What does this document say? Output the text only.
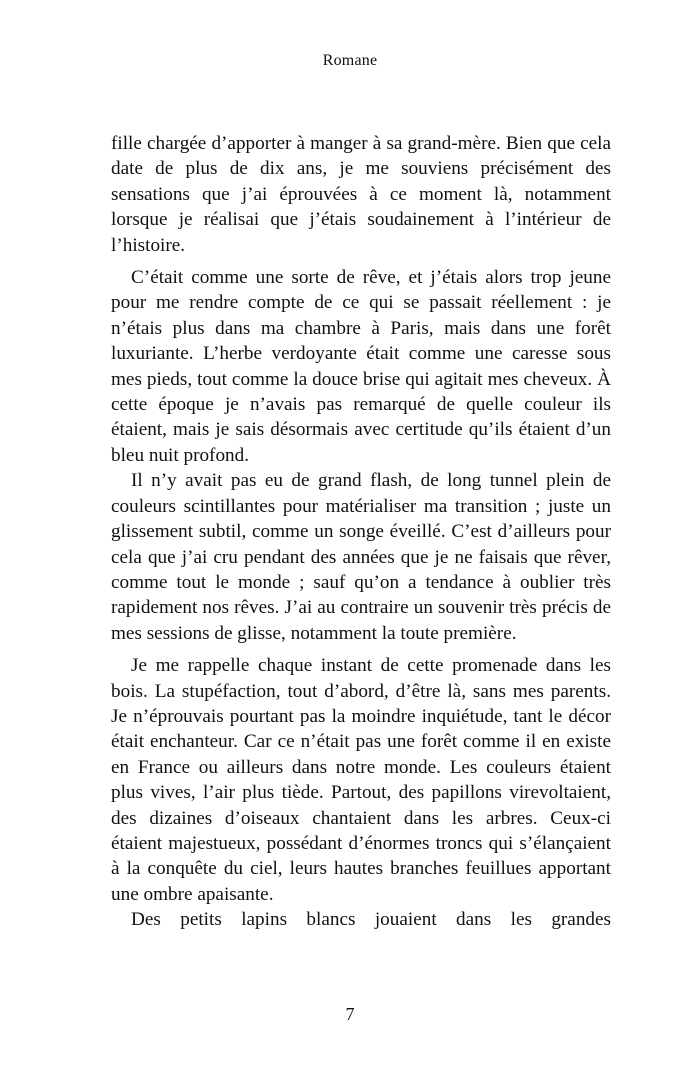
Romane

fille chargée d’apporter à manger à sa grand-mère. Bien que cela date de plus de dix ans, je me souviens précisément des sensations que j’ai éprouvées à ce moment là, notamment lorsque je réalisai que j’étais soudainement à l’intérieur de l’histoire.

C’était comme une sorte de rêve, et j’étais alors trop jeune pour me rendre compte de ce qui se passait réellement : je n’étais plus dans ma chambre à Paris, mais dans une forêt luxuriante. L’herbe verdoyante était comme une caresse sous mes pieds, tout comme la douce brise qui agitait mes cheveux. À cette époque je n’avais pas remarqué de quelle couleur ils étaient, mais je sais désormais avec certitude qu’ils étaient d’un bleu nuit profond.

Il n’y avait pas eu de grand flash, de long tunnel plein de couleurs scintillantes pour matérialiser ma transition ; juste un glissement subtil, comme un songe éveillé. C’est d’ailleurs pour cela que j’ai cru pendant des années que je ne faisais que rêver, comme tout le monde ; sauf qu’on a tendance à oublier très rapidement nos rêves. J’ai au contraire un souvenir très précis de mes sessions de glisse, notamment la toute première.

Je me rappelle chaque instant de cette promenade dans les bois. La stupéfaction, tout d’abord, d’être là, sans mes parents. Je n’éprouvais pourtant pas la moindre inquiétude, tant le décor était enchanteur. Car ce n’était pas une forêt comme il en existe en France ou ailleurs dans notre monde. Les couleurs étaient plus vives, l’air plus tiède. Partout, des papillons virevoltaient, des dizaines d’oiseaux chantaient dans les arbres. Ceux-ci étaient majestueux, possédant d’énormes troncs qui s’élançaient à la conquête du ciel, leurs hautes branches feuillues apportant une ombre apaisante.

Des petits lapins blancs jouaient dans les grandes

7
